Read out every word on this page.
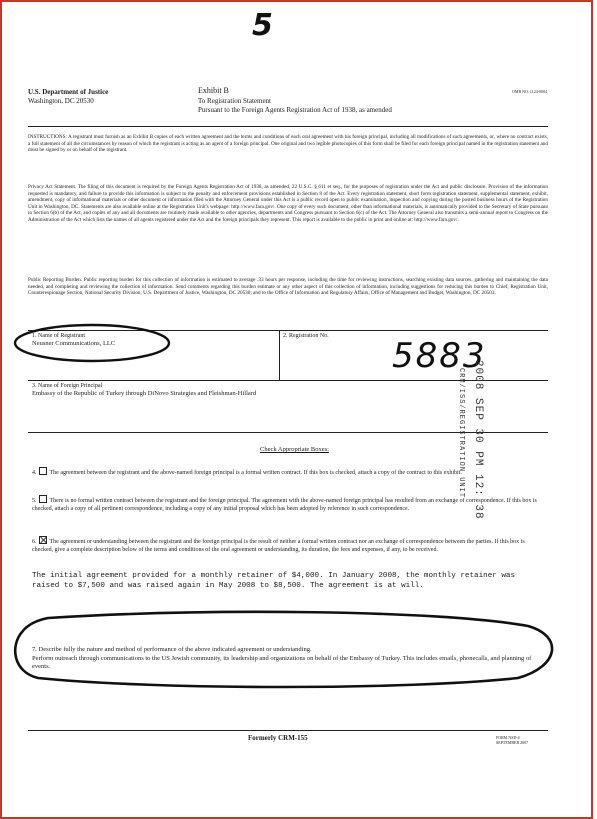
5
U.S. Department of Justice
Washington, DC 20530
Exhibit B
To Registration Statement
Pursuant to the Foreign Agents Registration Act of 1938, as amended
OMB NO. 1124-0004
INSTRUCTIONS: A registrant must furnish as an Exhibit B copies of each written agreement and the terms and conditions of each oral agreement with his foreign principal, including all modifications of such agreements, or, where no contract exists, a full statement of all the circumstances by reason of which the registrant is acting as an agent of a foreign principal. One original and two legible photocopies of this form shall be filed for each foreign principal named in the registration statement and must be signed by or on behalf of the registrant.
Privacy Act Statement. The filing of this document is required by the Foreign Agents Registration Act of 1938, as amended, 22 U.S.C. § 611 et seq., for the purposes of registration under the Act and public disclosure. Provision of the information requested is mandatory, and failure to provide this information is subject to the penalty and enforcement provisions established in Section 8 of the Act. Every registration statement, short form registration statement, supplemental statement, exhibit, amendment, copy of informational materials or other document or information filed with the Attorney General under this Act is a public record open to public examination, inspection and copying during the posted business hours of the Registration Unit in Washington, DC. Statements are also available online at the Registration Unit's webpage: http://www.fara.gov/. One copy of every such document, other than informational materials, is automatically provided to the Secretary of State pursuant to Section 6(b) of the Act, and copies of any and all documents are routinely made available to other agencies, departments and Congress pursuant to Section 6(c) of the Act. The Attorney General also transmits a semi-annual report to Congress on the Administration of the Act which lists the names of all agents registered under the Act and the foreign principals they represent. This report is available to the public in print and online at: http://www.fara.gov/.
Public Reporting Burden. Public reporting burden for this collection of information is estimated to average .33 hours per response, including the time for reviewing instructions, searching existing data sources, gathering and maintaining the data needed, and completing and reviewing the collection of information. Send comments regarding this burden estimate or any other aspect of this collection of information, including suggestions for reducing this burden to Chief, Registration Unit, Counterespionage Section, National Security Division, U.S. Department of Justice, Washington, DC 20530; and to the Office of Information and Regulatory Affairs, Office of Management and Budget, Washington, DC 20503.
1. Name of Registrant
Neusner Communications, LLC
2. Registration No. 5883
3. Name of Foreign Principal
Embassy of the Republic of Turkey through DiNovo Strategies and Fleishman-Hillard	2008 SEP 30 PM 12: 38
CRM/ISS/REGISTRATION UNIT
Check Appropriate Boxes:
4. The agreement between the registrant and the above-named foreign principal is a formal written contract. If this box is checked, attach a copy of the contract to this exhibit.
5. There is no formal written contract between the registrant and the foreign principal. The agreement with the above-named foreign principal has resulted from an exchange of correspondence. If this box is checked, attach a copy of all pertinent correspondence, including a copy of any initial proposal which has been adopted by reference in such correspondence.
6. The agreement or understanding between the registrant and the foreign principal is the result of neither a formal written contract nor an exchange of correspondence between the parties. If this box is checked, give a complete description below of the terms and conditions of the oral agreement or understanding, its duration, the fees and expenses, if any, to be received.
The initial agreement provided for a monthly retainer of $4,000. In January 2008, the monthly retainer was raised to $7,500 and was raised again in May 2008 to $8,500. The agreement is at will.
7. Describe fully the nature and method of performance of the above indicated agreement or understanding.
Perform outreach through communications to the US Jewish community, its leadership and organizations on behalf of the Embassy of Turkey. This includes emails, phonecalls, and planning of events.
Formerly CRM-155	FORM NSD-4
SEPTEMBER 2007
